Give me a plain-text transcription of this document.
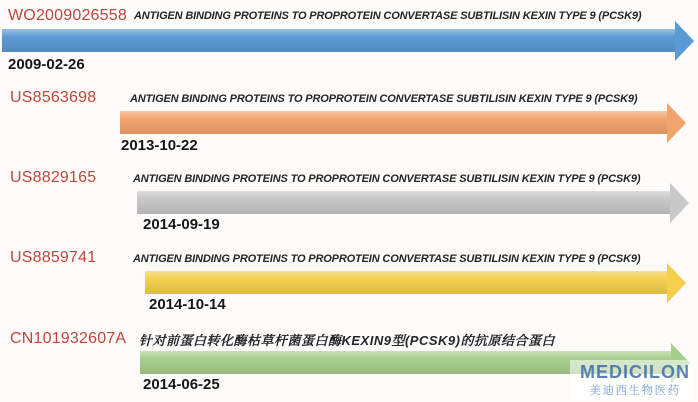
WO2009026558 ANTIGEN BINDING PROTEINS TO PROPROTEIN CONVERTASE SUBTILISIN KEXIN TYPE 9 (PCSK9)
2009-02-26
US8563698	ANTIGEN BINDING PROTEINS TO PROPROTEIN CONVERTASE SUBTILISIN KEXIN TYPE 9 (PCSK9)
2013-10-22
US8829165	ANTIGEN BINDING PROTEINS TO PROPROTEIN CONVERTASE SUBTILISIN KEXIN TYPE 9 (PCSK9)
2014-09-19
US8859741	ANTIGEN BINDING PROTEINS TO PROPROTEIN CONVERTASE SUBTILISIN KEXIN TYPE 9 (PCSK9)
2014-10-14
CN101932607A 针对前蛋白转化酶枯草杆菌蛋白酶KEXIN9型(PCSK9)的抗原结合蛋白
2014-06-25
MEDICILON
美迪西生物医药
